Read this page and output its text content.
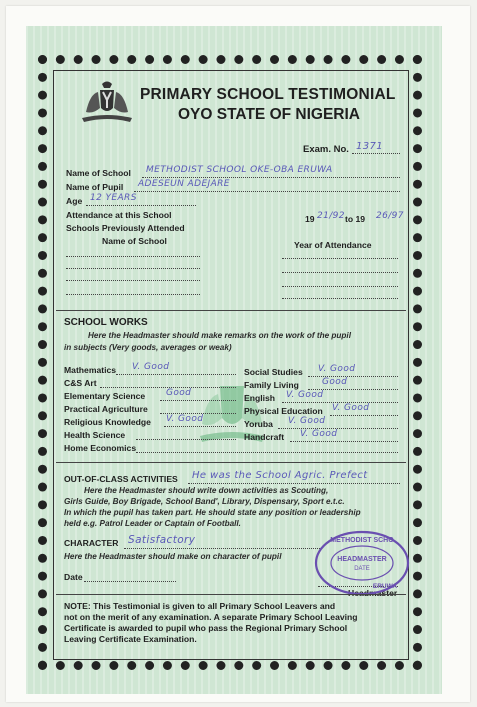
PRIMARY SCHOOL TESTIMONIAL
OYO STATE OF NIGERIA
Exam. No. 1371
Name of School METHODIST SCHOOL OKE-OBA ERUWA
Name of Pupil ADESEUN ADEJARE
Age 12 YEARS
Attendance at this School	19 21/92 to 19 26/97
Schools Previously Attended
Name of School	Year of Attendance
SCHOOL WORKS
Here the Headmaster should make remarks on the work of the pupil
in subjects (Very goods, averages or weak)
Mathematics V. Good
C&S Art
Elementary Science Good
Practical Agriculture
Religious Knowledge V. Good
Health Science
Home Economics
Social Studies V. Good
Family Living	Good
English V. Good
Physical Education V. Good
Yoruba V. Good
Handcraft V. Good
OUT-OF-CLASS ACTIVITIES He was the School Agric. Prefect
Here the Headmaster should write down activities as Scouting,
Girls Guide, Boy Brigade, School Band', Library, Dispensary, Sport e.t.c.
In which the pupil has taken part. He should state any position or leadership
held e.g. Patrol Leader or Captain of Football.
CHARACTER Satisfactory
Here the Headmaster should make on character of pupil
Date
Headmaster
METHODIST SCHO
HEADMASTER
DATE
ERUWA
NOTE: This Testimonial is given to all Primary School Leavers and
not on the merit of any examination. A separate Primary School Leaving
Certificate is awarded to pupil who pass the Regional Primary School
Leaving Certificate Examination.
